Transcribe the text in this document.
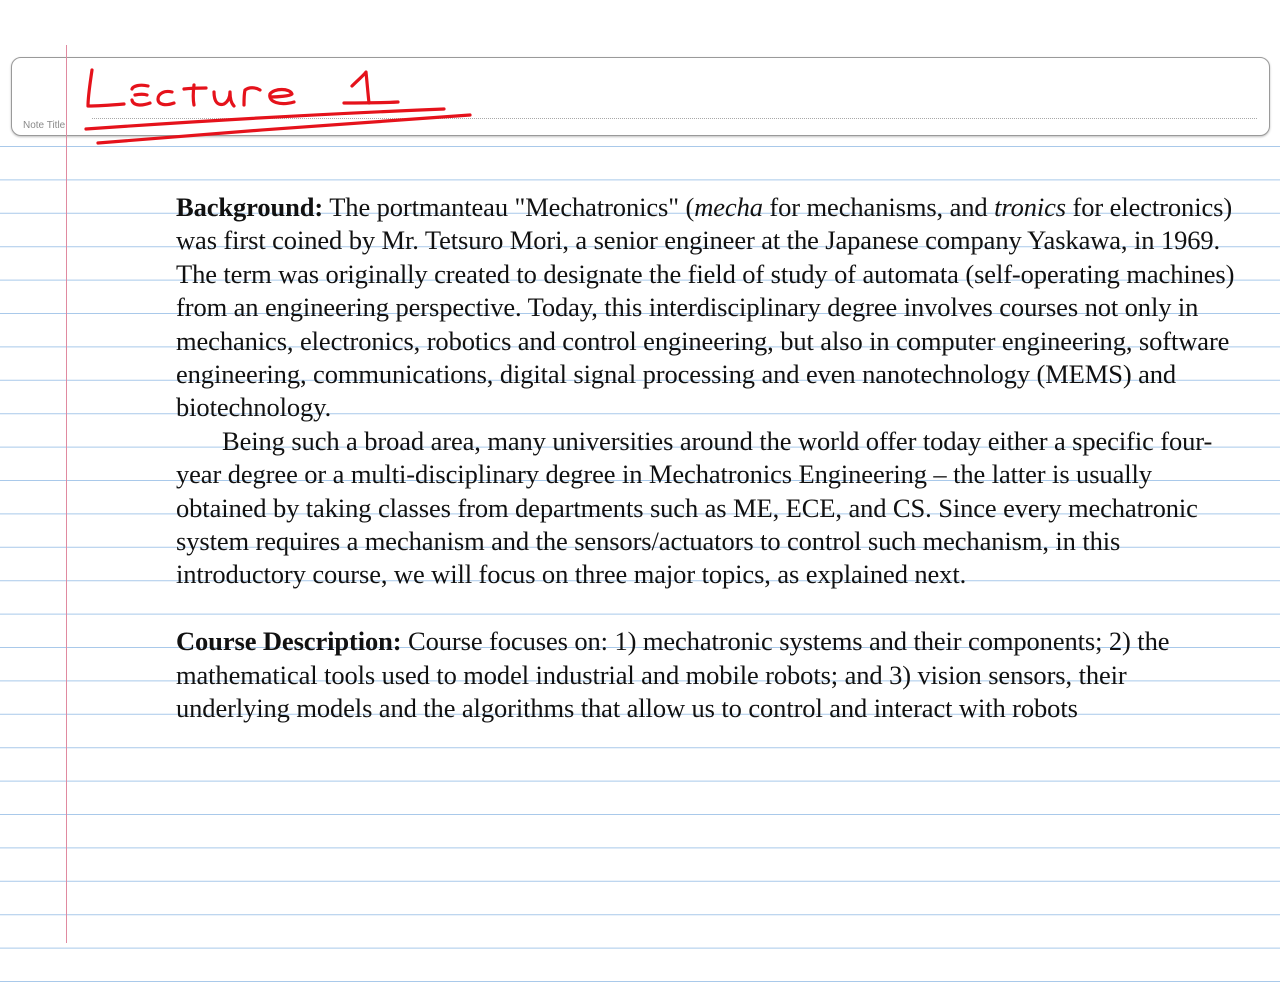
Note Title

Background: The portmanteau "Mechatronics" (mecha for mechanisms, and tronics for electronics) was first coined by Mr. Tetsuro Mori, a senior engineer at the Japanese company Yaskawa, in 1969. The term was originally created to designate the field of study of automata (self-operating machines) from an engineering perspective. Today, this interdisciplinary degree involves courses not only in mechanics, electronics, robotics and control engineering, but also in computer engineering, software engineering, communications, digital signal processing and even nanotechnology (MEMS) and biotechnology.

Being such a broad area, many universities around the world offer today either a specific four-year degree or a multi-disciplinary degree in Mechatronics Engineering – the latter is usually obtained by taking classes from departments such as ME, ECE, and CS. Since every mechatronic system requires a mechanism and the sensors/actuators to control such mechanism, in this introductory course, we will focus on three major topics, as explained next.

Course Description: Course focuses on: 1) mechatronic systems and their components; 2) the mathematical tools used to model industrial and mobile robots; and 3) vision sensors, their underlying models and the algorithms that allow us to control and interact with robots
